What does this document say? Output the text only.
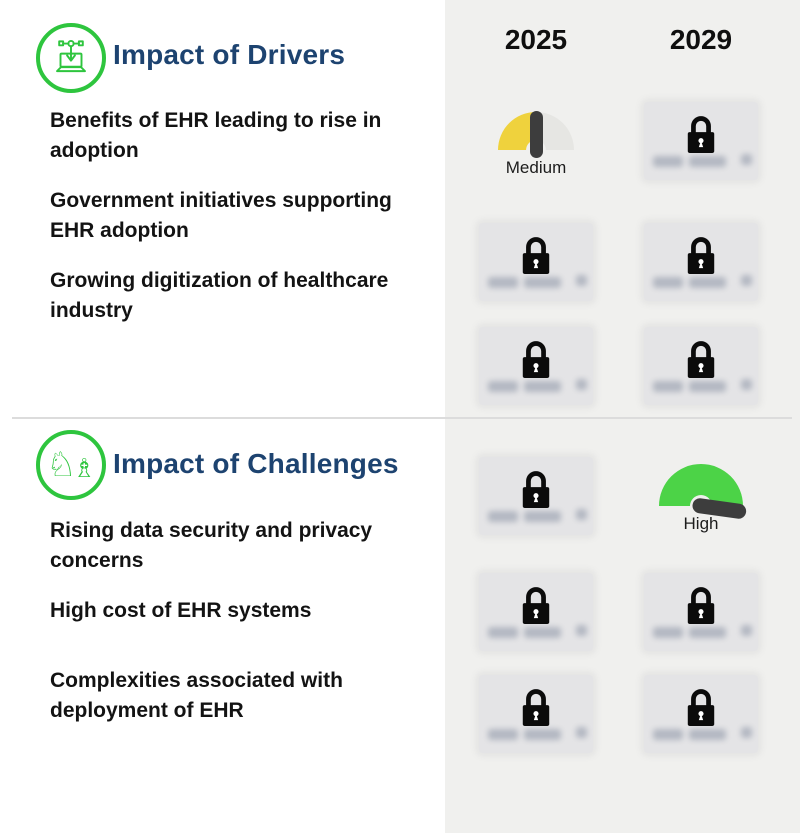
2025	2029
Impact of Drivers
Benefits of EHR leading to rise in adoption
Government initiatives supporting EHR adoption
Growing digitization of healthcare industry
Medium
♘
♗ Impact of Challenges
Rising data security and privacy concerns
High cost of EHR systems
Complexities associated with deployment of EHR
High
